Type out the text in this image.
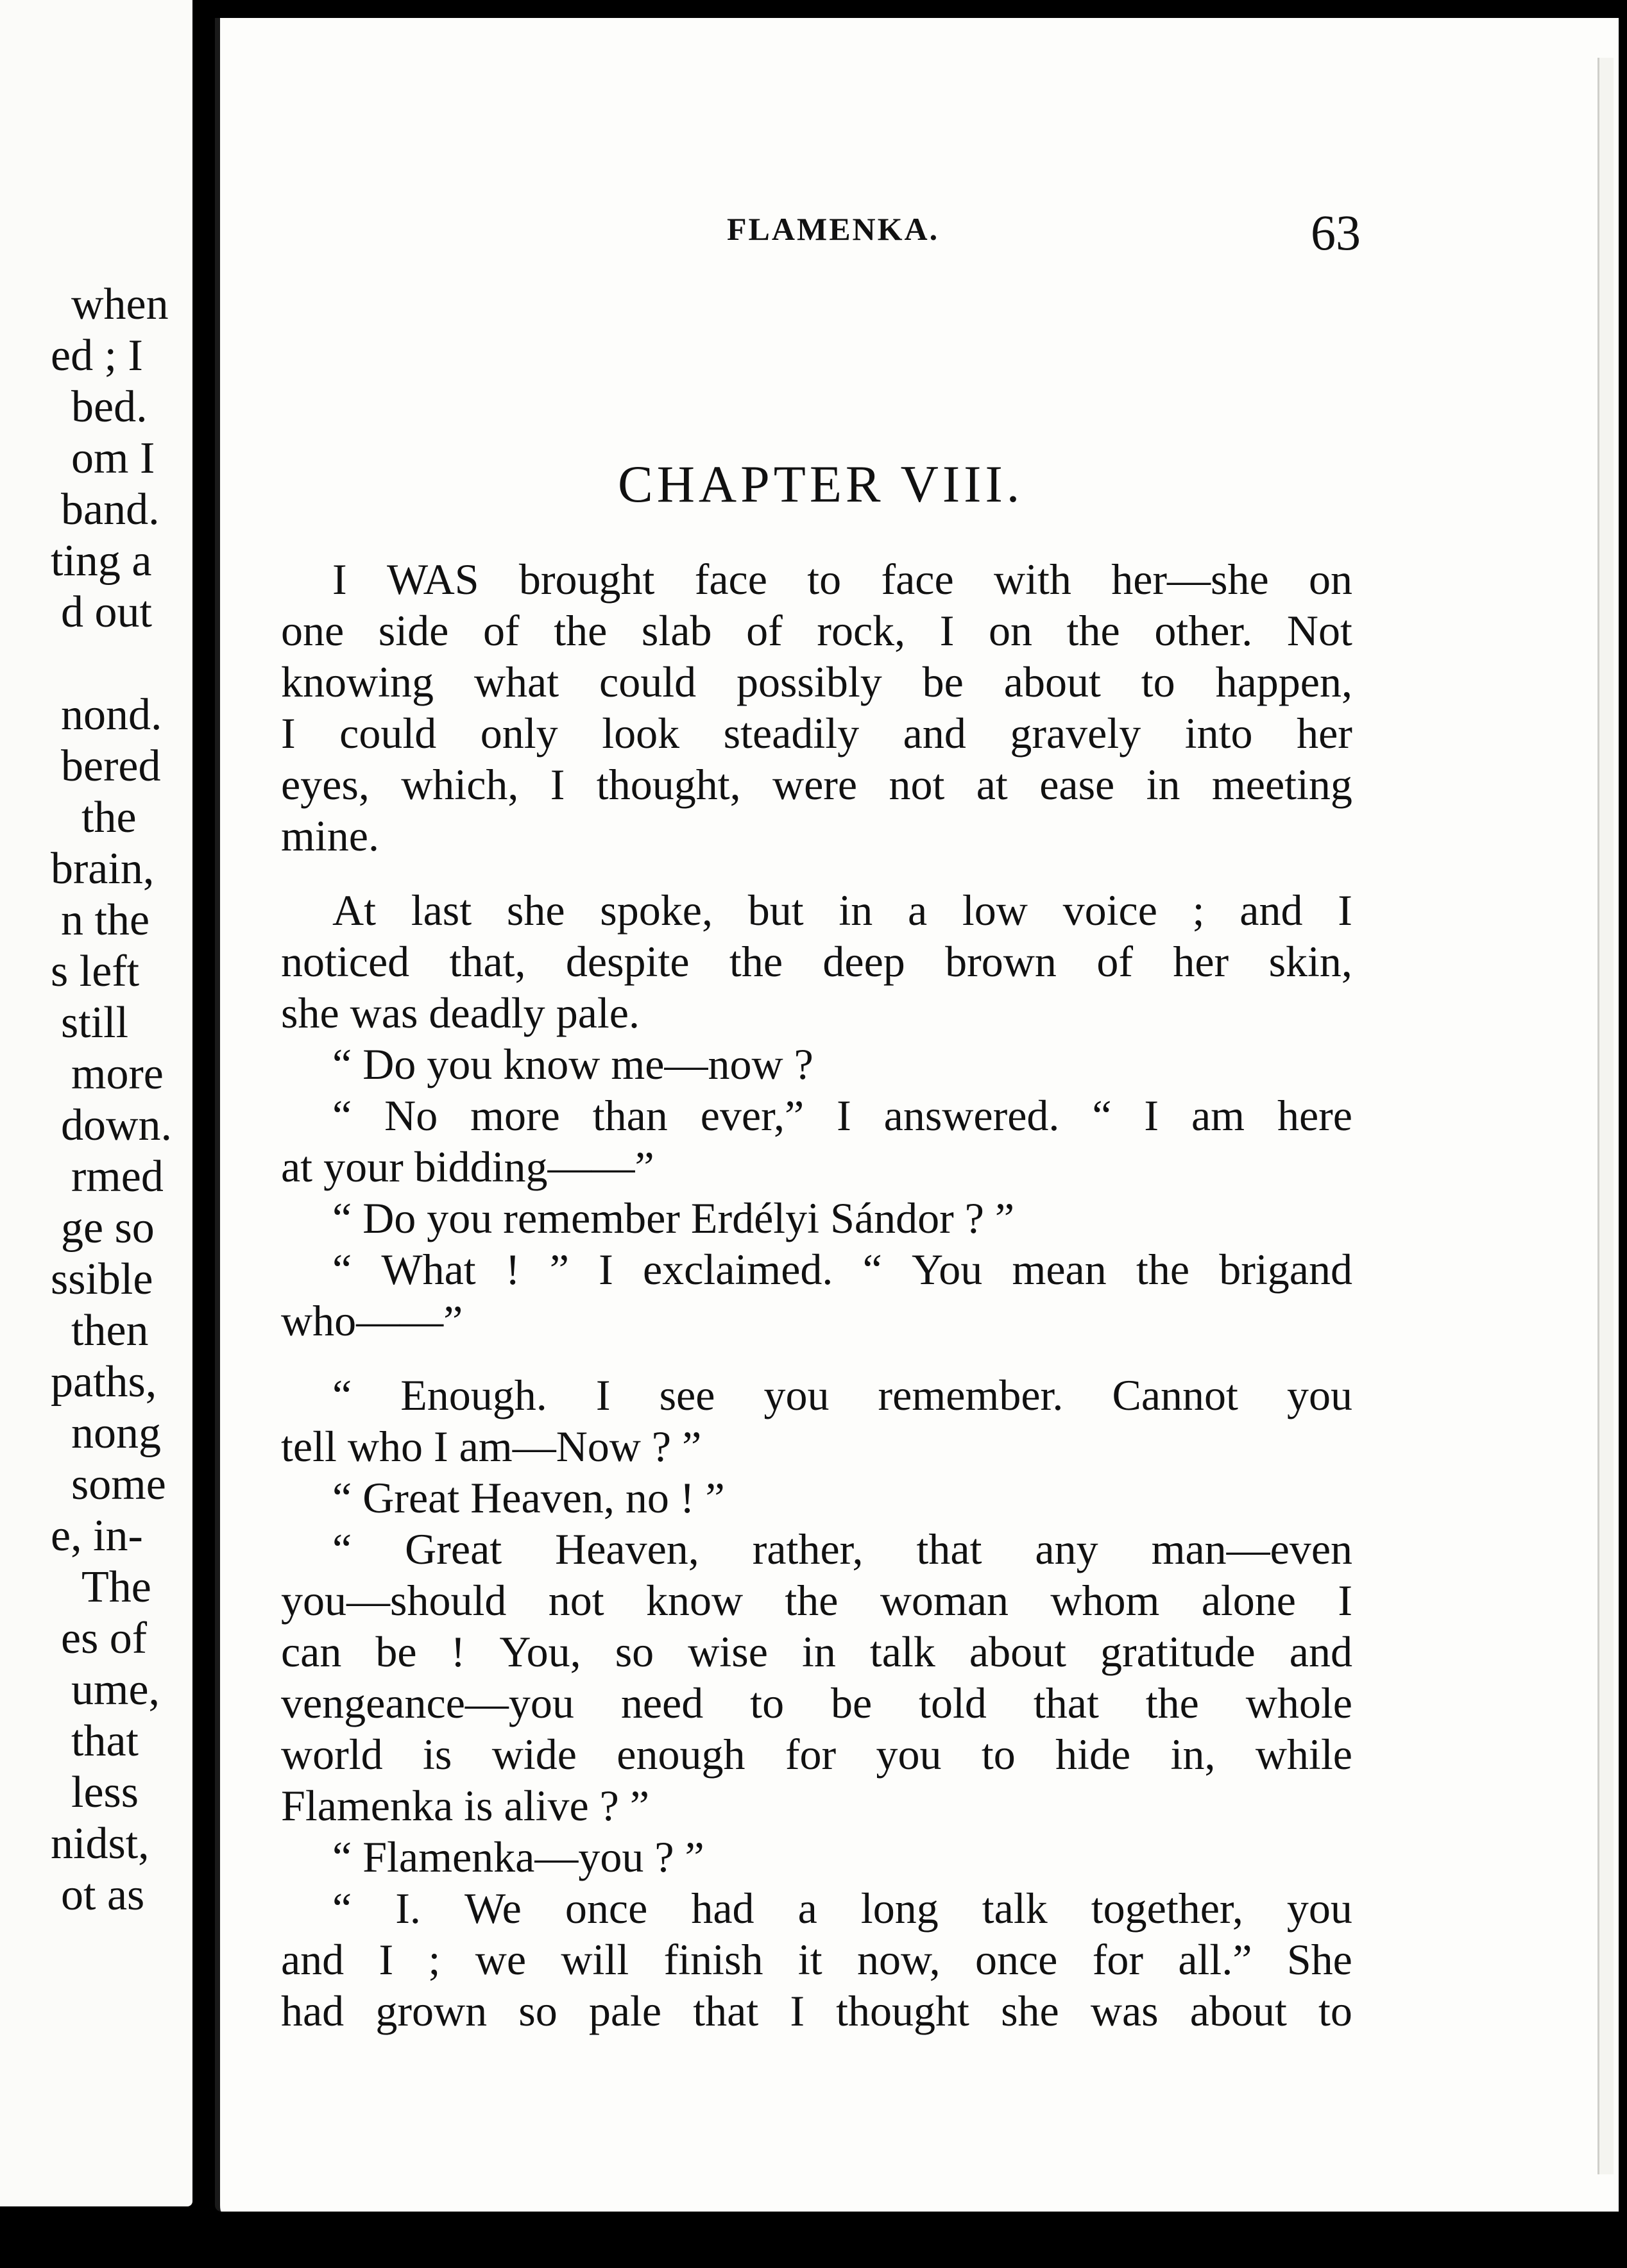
when
ed ; I
bed.
om I
band.
ting a
d out
nond.
bered
the
brain,
n the
s left
still
more
down.
rmed
ge so
ssible
then
paths,
nong
some
e, in-
The
es of
ume,
that
less
nidst,
ot as
FLAMENKA.	63
CHAPTER VIII.
I WAS brought face to face with her—she on
one side of the slab of rock, I on the other. Not
knowing what could possibly be about to happen,
I could only look steadily and gravely into her
eyes, which, I thought, were not at ease in meeting
mine.
At last she spoke, but in a low voice ; and I
noticed that, despite the deep brown of her skin,
she
was
deadly
pale.
“
Do
you
know
me—now
?
“ No more than ever,” I answered. “ I am here
at
your
bidding——”
“
Do
you
remember
Erdélyi
Sándor
?
”
“ What ! ” I exclaimed. “ You mean the brigand
who——”
“ Enough. I see you remember. Cannot you
tell
who
I
am—Now
?
”
“
Great
Heaven,
no
!
”
“ Great Heaven, rather, that any man—even
you—should not know the woman whom alone I
can be ! You, so wise in talk about gratitude and
vengeance—you need to be told that the whole
world is wide enough for you to hide in, while
Flamenka
is
alive
?
”
“
Flamenka—you
?
”
“ I. We once had a long talk together, you
and I ; we will finish it now, once for all.” She
had grown so pale that I thought she was about to
